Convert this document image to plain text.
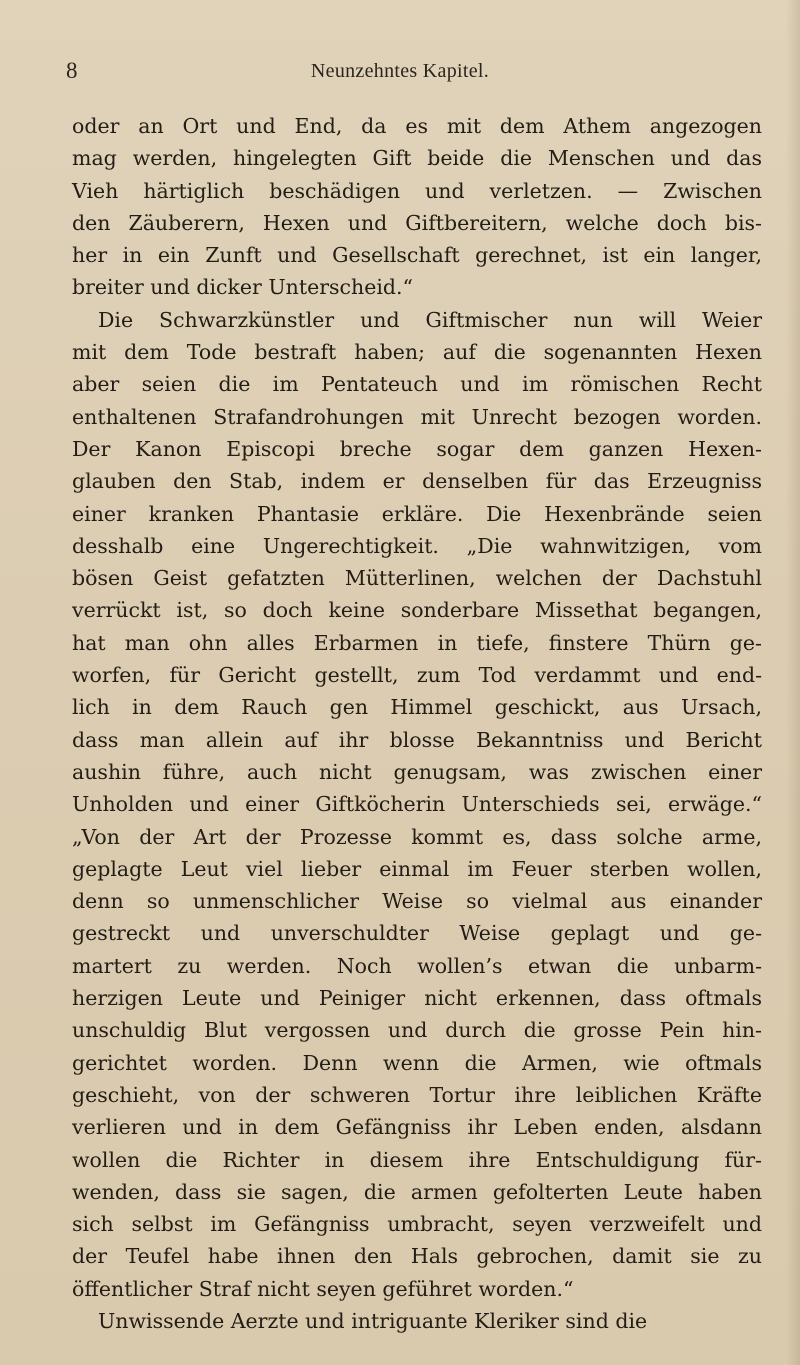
8	Neunzehntes Kapitel.
oder an Ort und End, da es mit dem Athem angezogen
mag werden, hingelegten Gift beide die Menschen und das
Vieh härtiglich beschädigen und verletzen. — Zwischen
den Zäuberern, Hexen und Giftbereitern, welche doch bis-
her in ein Zunft und Gesellschaft gerechnet, ist ein langer,
breiter und dicker Unterscheid.“
Die Schwarzkünstler und Giftmischer nun will Weier
mit dem Tode bestraft haben; auf die sogenannten Hexen
aber seien die im Pentateuch und im römischen Recht
enthaltenen Strafandrohungen mit Unrecht bezogen worden.
Der Kanon Episcopi breche sogar dem ganzen Hexen-
glauben den Stab, indem er denselben für das Erzeugniss
einer kranken Phantasie erkläre. Die Hexenbrände seien
desshalb eine Ungerechtigkeit. „Die wahnwitzigen, vom
bösen Geist gefatzten Mütterlinen, welchen der Dachstuhl
verrückt ist, so doch keine sonderbare Missethat begangen,
hat man ohn alles Erbarmen in tiefe, finstere Thürn ge-
worfen, für Gericht gestellt, zum Tod verdammt und end-
lich in dem Rauch gen Himmel geschickt, aus Ursach,
dass man allein auf ihr blosse Bekanntniss und Bericht
aushin führe, auch nicht genugsam, was zwischen einer
Unholden und einer Giftköcherin Unterschieds sei, erwäge.“
„Von der Art der Prozesse kommt es, dass solche arme,
geplagte Leut viel lieber einmal im Feuer sterben wollen,
denn so unmenschlicher Weise so vielmal aus einander
gestreckt und unverschuldter Weise geplagt und ge-
martert zu werden. Noch wollen’s etwan die unbarm-
herzigen Leute und Peiniger nicht erkennen, dass oftmals
unschuldig Blut vergossen und durch die grosse Pein hin-
gerichtet worden. Denn wenn die Armen, wie oftmals
geschieht, von der schweren Tortur ihre leiblichen Kräfte
verlieren und in dem Gefängniss ihr Leben enden, alsdann
wollen die Richter in diesem ihre Entschuldigung für-
wenden, dass sie sagen, die armen gefolterten Leute haben
sich selbst im Gefängniss umbracht, seyen verzweifelt und
der Teufel habe ihnen den Hals gebrochen, damit sie zu
öffentlicher Straf nicht seyen geführet worden.“
Unwissende Aerzte und intriguante Kleriker sind die
